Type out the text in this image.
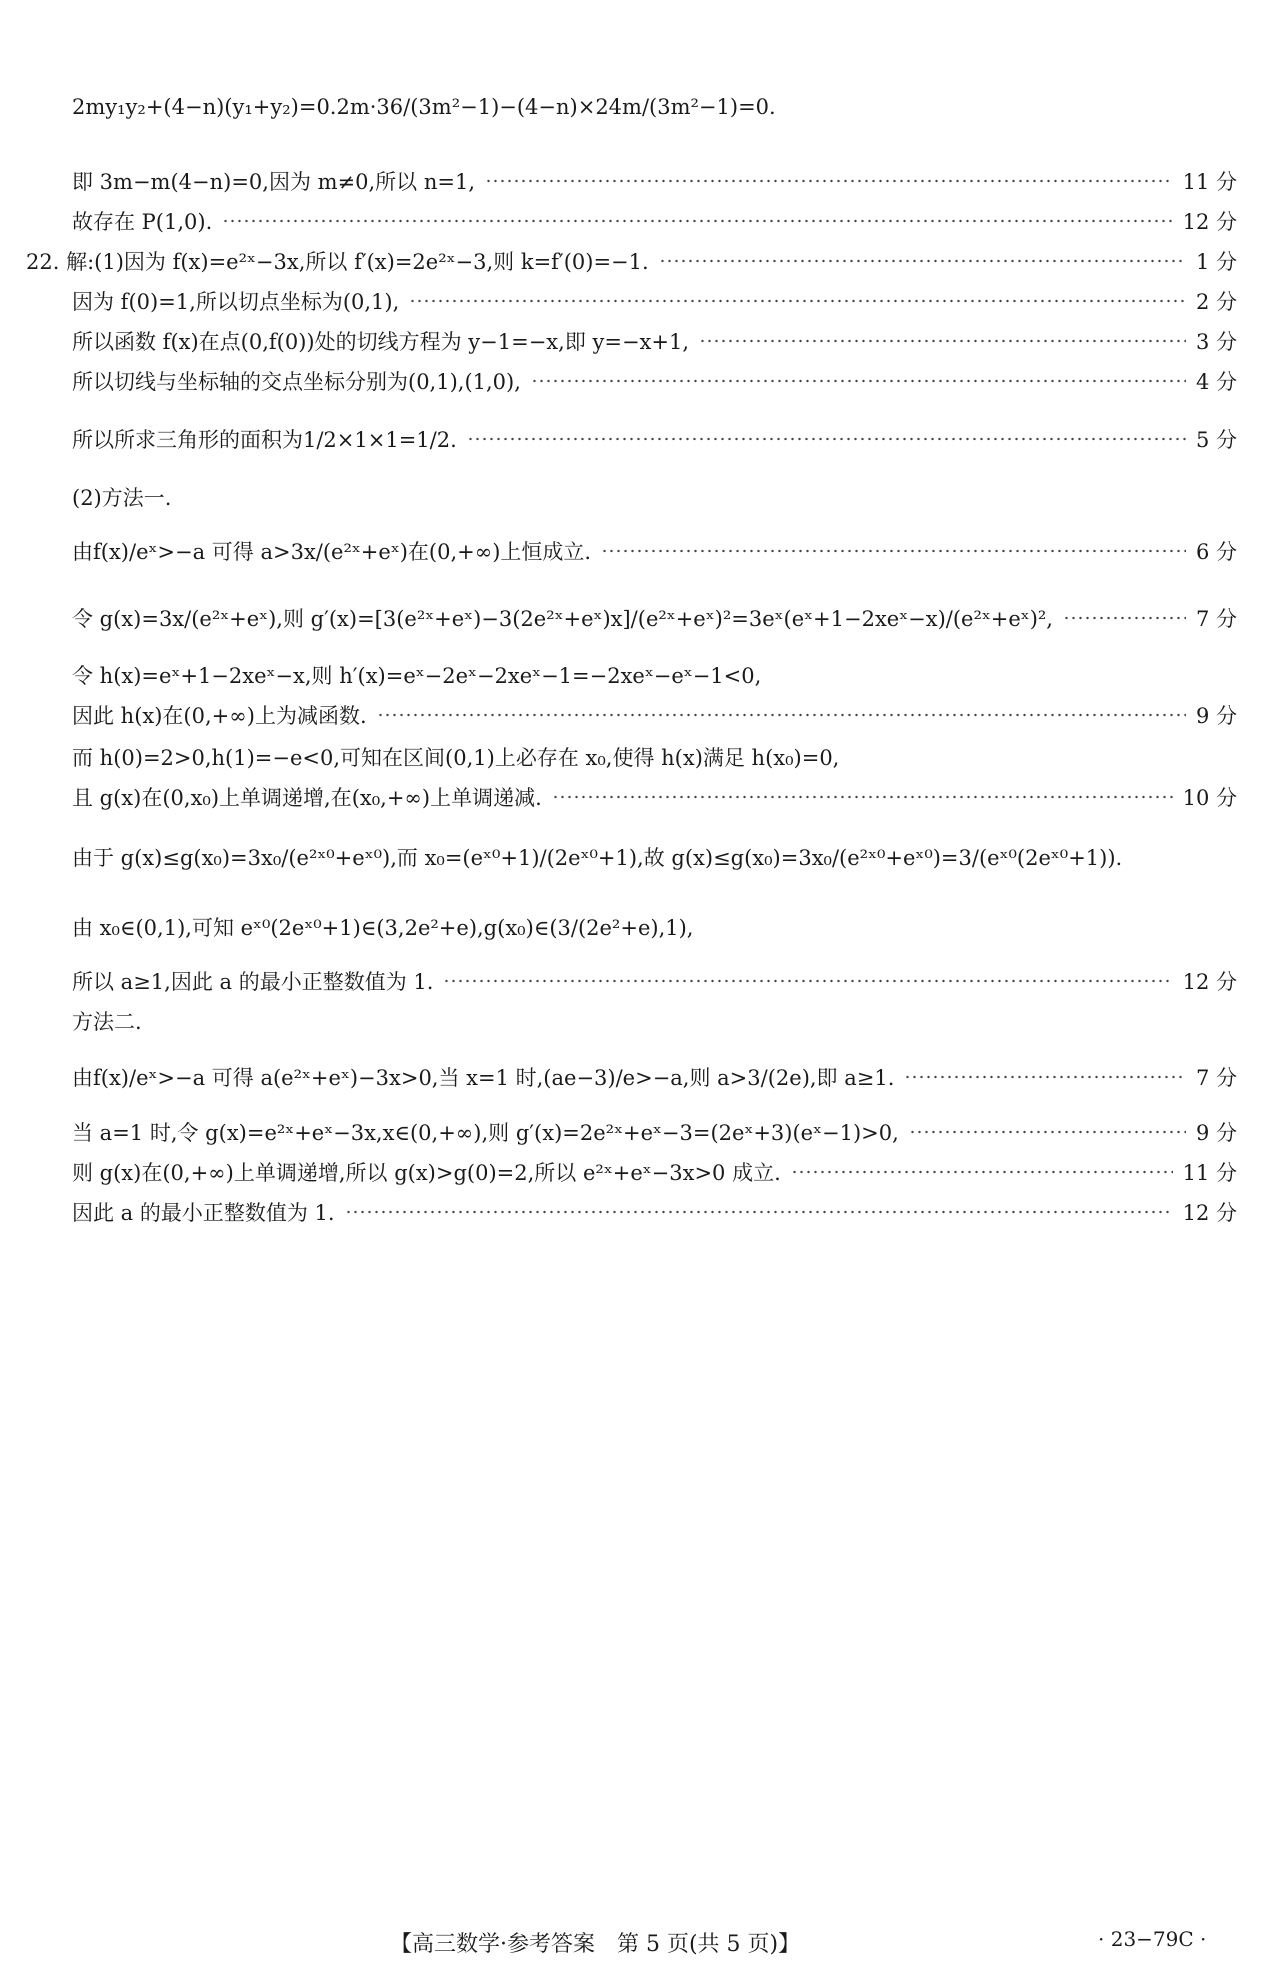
2my₁y₂+(4−n)(y₁+y₂)=0.2m·36/(3m²−1)−(4−n)×24m/(3m²−1)=0.
即 3m−m(4−n)=0,因为 m≠0,所以 n=1,	11 分
故存在 P(1,0).	12 分
22. 解:(1)因为 f(x)=e²ˣ−3x,所以 f′(x)=2e²ˣ−3,则 k=f′(0)=−1.	1 分
因为 f(0)=1,所以切点坐标为(0,1),	2 分
所以函数 f(x)在点(0,f(0))处的切线方程为 y−1=−x,即 y=−x+1,	3 分
所以切线与坐标轴的交点坐标分别为(0,1),(1,0),	4 分
所以所求三角形的面积为1/2×1×1=1/2.	5 分
(2)方法一.
由f(x)/eˣ>−a 可得 a>3x/(e²ˣ+eˣ)在(0,+∞)上恒成立.	6 分
令 g(x)=3x/(e²ˣ+eˣ),则 g′(x)=[3(e²ˣ+eˣ)−3(2e²ˣ+eˣ)x]/(e²ˣ+eˣ)²=3eˣ(eˣ+1−2xeˣ−x)/(e²ˣ+eˣ)²,	7 分
令 h(x)=eˣ+1−2xeˣ−x,则 h′(x)=eˣ−2eˣ−2xeˣ−1=−2xeˣ−eˣ−1<0,
因此 h(x)在(0,+∞)上为减函数.	9 分
而 h(0)=2>0,h(1)=−e<0,可知在区间(0,1)上必存在 x₀,使得 h(x)满足 h(x₀)=0,
且 g(x)在(0,x₀)上单调递增,在(x₀,+∞)上单调递减.	10 分
由于 g(x)≤g(x₀)=3x₀/(e²ˣ⁰+eˣ⁰),而 x₀=(eˣ⁰+1)/(2eˣ⁰+1),故 g(x)≤g(x₀)=3x₀/(e²ˣ⁰+eˣ⁰)=3/(eˣ⁰(2eˣ⁰+1)).
由 x₀∈(0,1),可知 eˣ⁰(2eˣ⁰+1)∈(3,2e²+e),g(x₀)∈(3/(2e²+e),1),
所以 a≥1,因此 a 的最小正整数值为 1.	12 分
方法二.
由f(x)/eˣ>−a 可得 a(e²ˣ+eˣ)−3x>0,当 x=1 时,(ae−3)/e>−a,则 a>3/(2e),即 a≥1.	7 分
当 a=1 时,令 g(x)=e²ˣ+eˣ−3x,x∈(0,+∞),则 g′(x)=2e²ˣ+eˣ−3=(2eˣ+3)(eˣ−1)>0,	9 分
则 g(x)在(0,+∞)上单调递增,所以 g(x)>g(0)=2,所以 e²ˣ+eˣ−3x>0 成立.	11 分
因此 a 的最小正整数值为 1.	12 分
【高三数学·参考答案　第 5 页(共 5 页)】	· 23−79C ·
